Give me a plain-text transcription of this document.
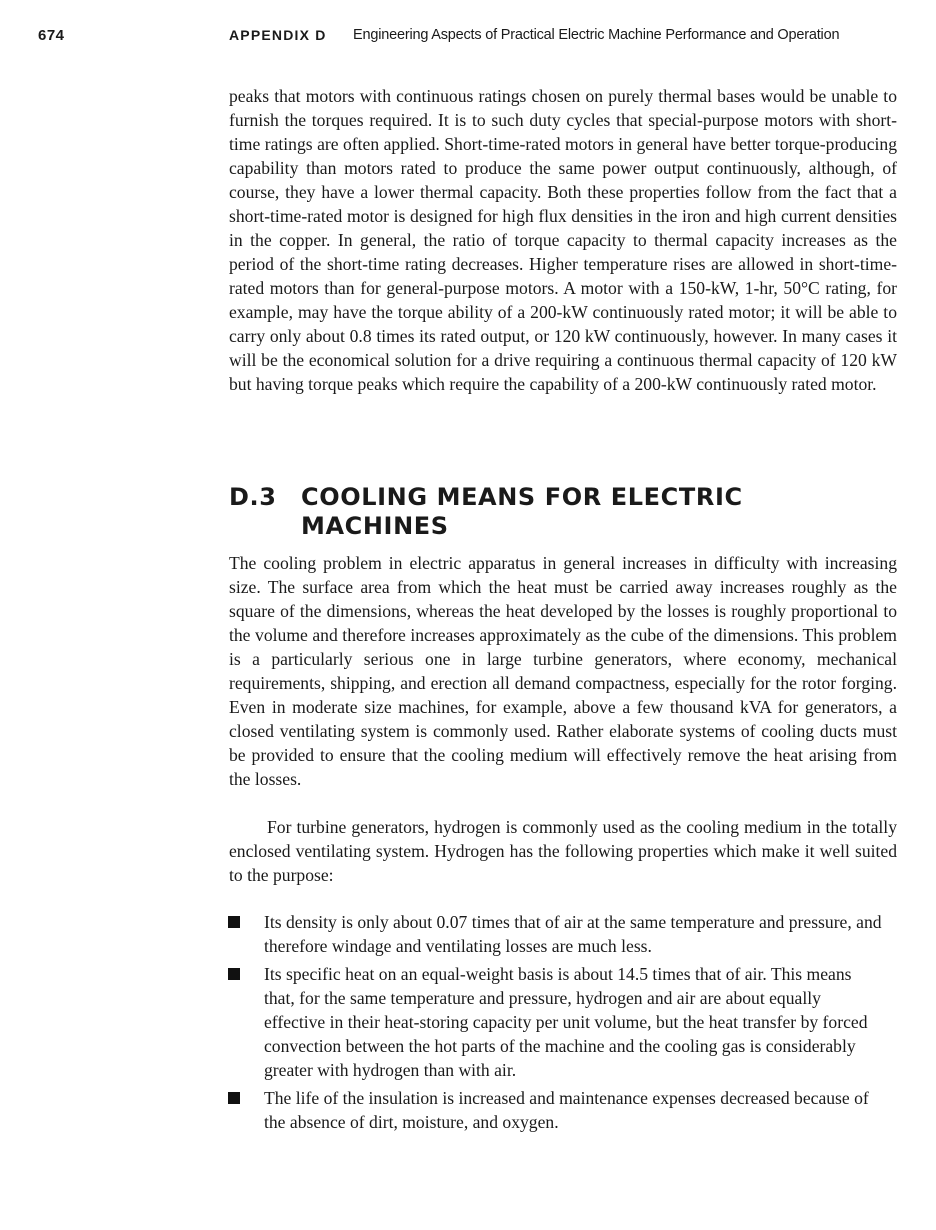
674	APPENDIX D Engineering Aspects of Practical Electric Machine Performance and Operation

peaks that motors with continuous ratings chosen on purely thermal bases would be unable to furnish the torques required. It is to such duty cycles that special-purpose motors with short-time ratings are often applied. Short-time-rated motors in general have better torque-producing capability than motors rated to produce the same power output continuously, although, of course, they have a lower thermal capacity. Both these properties follow from the fact that a short-time-rated motor is designed for high flux densities in the iron and high current densities in the copper. In general, the ratio of torque capacity to thermal capacity increases as the period of the short-time rating decreases. Higher temperature rises are allowed in short-time-rated motors than for general-purpose motors. A motor with a 150-kW, 1-hr, 50°C rating, for example, may have the torque ability of a 200-kW continuously rated motor; it will be able to carry only about 0.8 times its rated output, or 120 kW continuously, however. In many cases it will be the economical solution for a drive requiring a continuous thermal capacity of 120 kW but having torque peaks which require the capability of a 200-kW continuously rated motor.

D.3 COOLING MEANS FOR ELECTRIC MACHINES

The cooling problem in electric apparatus in general increases in difficulty with increasing size. The surface area from which the heat must be carried away increases roughly as the square of the dimensions, whereas the heat developed by the losses is roughly proportional to the volume and therefore increases approximately as the cube of the dimensions. This problem is a particularly serious one in large turbine generators, where economy, mechanical requirements, shipping, and erection all demand compactness, especially for the rotor forging. Even in moderate size machines, for example, above a few thousand kVA for generators, a closed ventilating system is commonly used. Rather elaborate systems of cooling ducts must be provided to ensure that the cooling medium will effectively remove the heat arising from the losses.

For turbine generators, hydrogen is commonly used as the cooling medium in the totally enclosed ventilating system. Hydrogen has the following properties which make it well suited to the purpose:

Its density is only about 0.07 times that of air at the same temperature and pressure, and therefore windage and ventilating losses are much less.
Its specific heat on an equal-weight basis is about 14.5 times that of air. This means that, for the same temperature and pressure, hydrogen and air are about equally effective in their heat-storing capacity per unit volume, but the heat transfer by forced convection between the hot parts of the machine and the cooling gas is considerably greater with hydrogen than with air.
The life of the insulation is increased and maintenance expenses decreased because of the absence of dirt, moisture, and oxygen.
